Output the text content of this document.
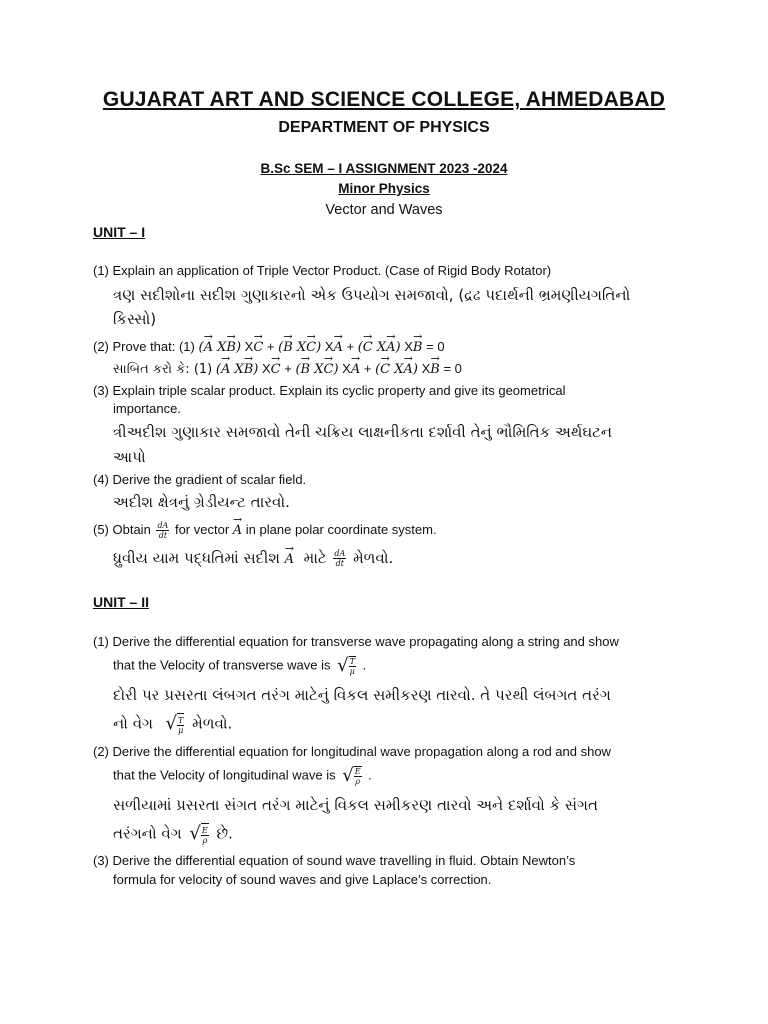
GUJARAT ART AND SCIENCE COLLEGE, AHMEDABAD
DEPARTMENT OF PHYSICS
B.Sc SEM – I ASSIGNMENT 2023 -2024
Minor Physics
Vector and Waves
UNIT – I
(1) Explain an application of Triple Vector Product. (Case of Rigid Body Rotator)
ત્રણ સદીશોના સદીશ ગુણાકારનો એક ઉપયોગ સમજાવો, (દ્રઢ પદાર્થની ભ્રમણીયગતિનો
કિસ્સો)
(2) Prove that: (1) (→ A X→ B) X→ C + (→ B X→ C) X→ A + (→ C X→ A) X→ B = 0
સાબિત કરો કે: (1) (→ A X→ B) X→ C + (→ B X→ C) X→ A + (→ C X→ A) X→ B = 0
(3) Explain triple scalar product. Explain its cyclic property and give its geometrical
importance.
ત્રીઅદીશ ગુણાકાર સમજાવો તેની ચક્રિય લાક્ષનીકતા દર્શાવી તેનું ભૌમિતિક અર્થઘટન
આપો
(4) Derive the gradient of scalar field.
અદીશ ક્ષેત્રનું ગ્રેડીયન્ટ તારવો.
(5) Obtain $\frac{dA}{dt}$ for vector → A in plane polar coordinate system.
ધ્રુવીય યામ પદ્ધતિમાં સદીશ → A માટે $\frac{dA}{dt}$ મેળવો.
UNIT – II
(1) Derive the differential equation for transverse wave propagating along a string and show
that the Velocity of transverse wave is √ $\frac{T}{\mu}$ .
દોરી પર પ્રસરતા લંબગત તરંગ માટેનું વિકલ સમીકરણ તારવો. તે પરથી લંબગત તરંગ
નો વેગ √ $\frac{T}{\mu}$ મેળવો.
(2) Derive the differential equation for longitudinal wave propagation along a rod and show
that the Velocity of longitudinal wave is √ $\frac{E}{\rho}$ .
સળીયામાં પ્રસરતા સંગત તરંગ માટેનું વિકલ સમીકરણ તારવો અને દર્શાવો કે સંગત
તરંગનો વેગ √ $\frac{E}{\rho}$ છે.
(3) Derive the differential equation of sound wave travelling in fluid. Obtain Newton’s
formula for velocity of sound waves and give Laplace’s correction.
